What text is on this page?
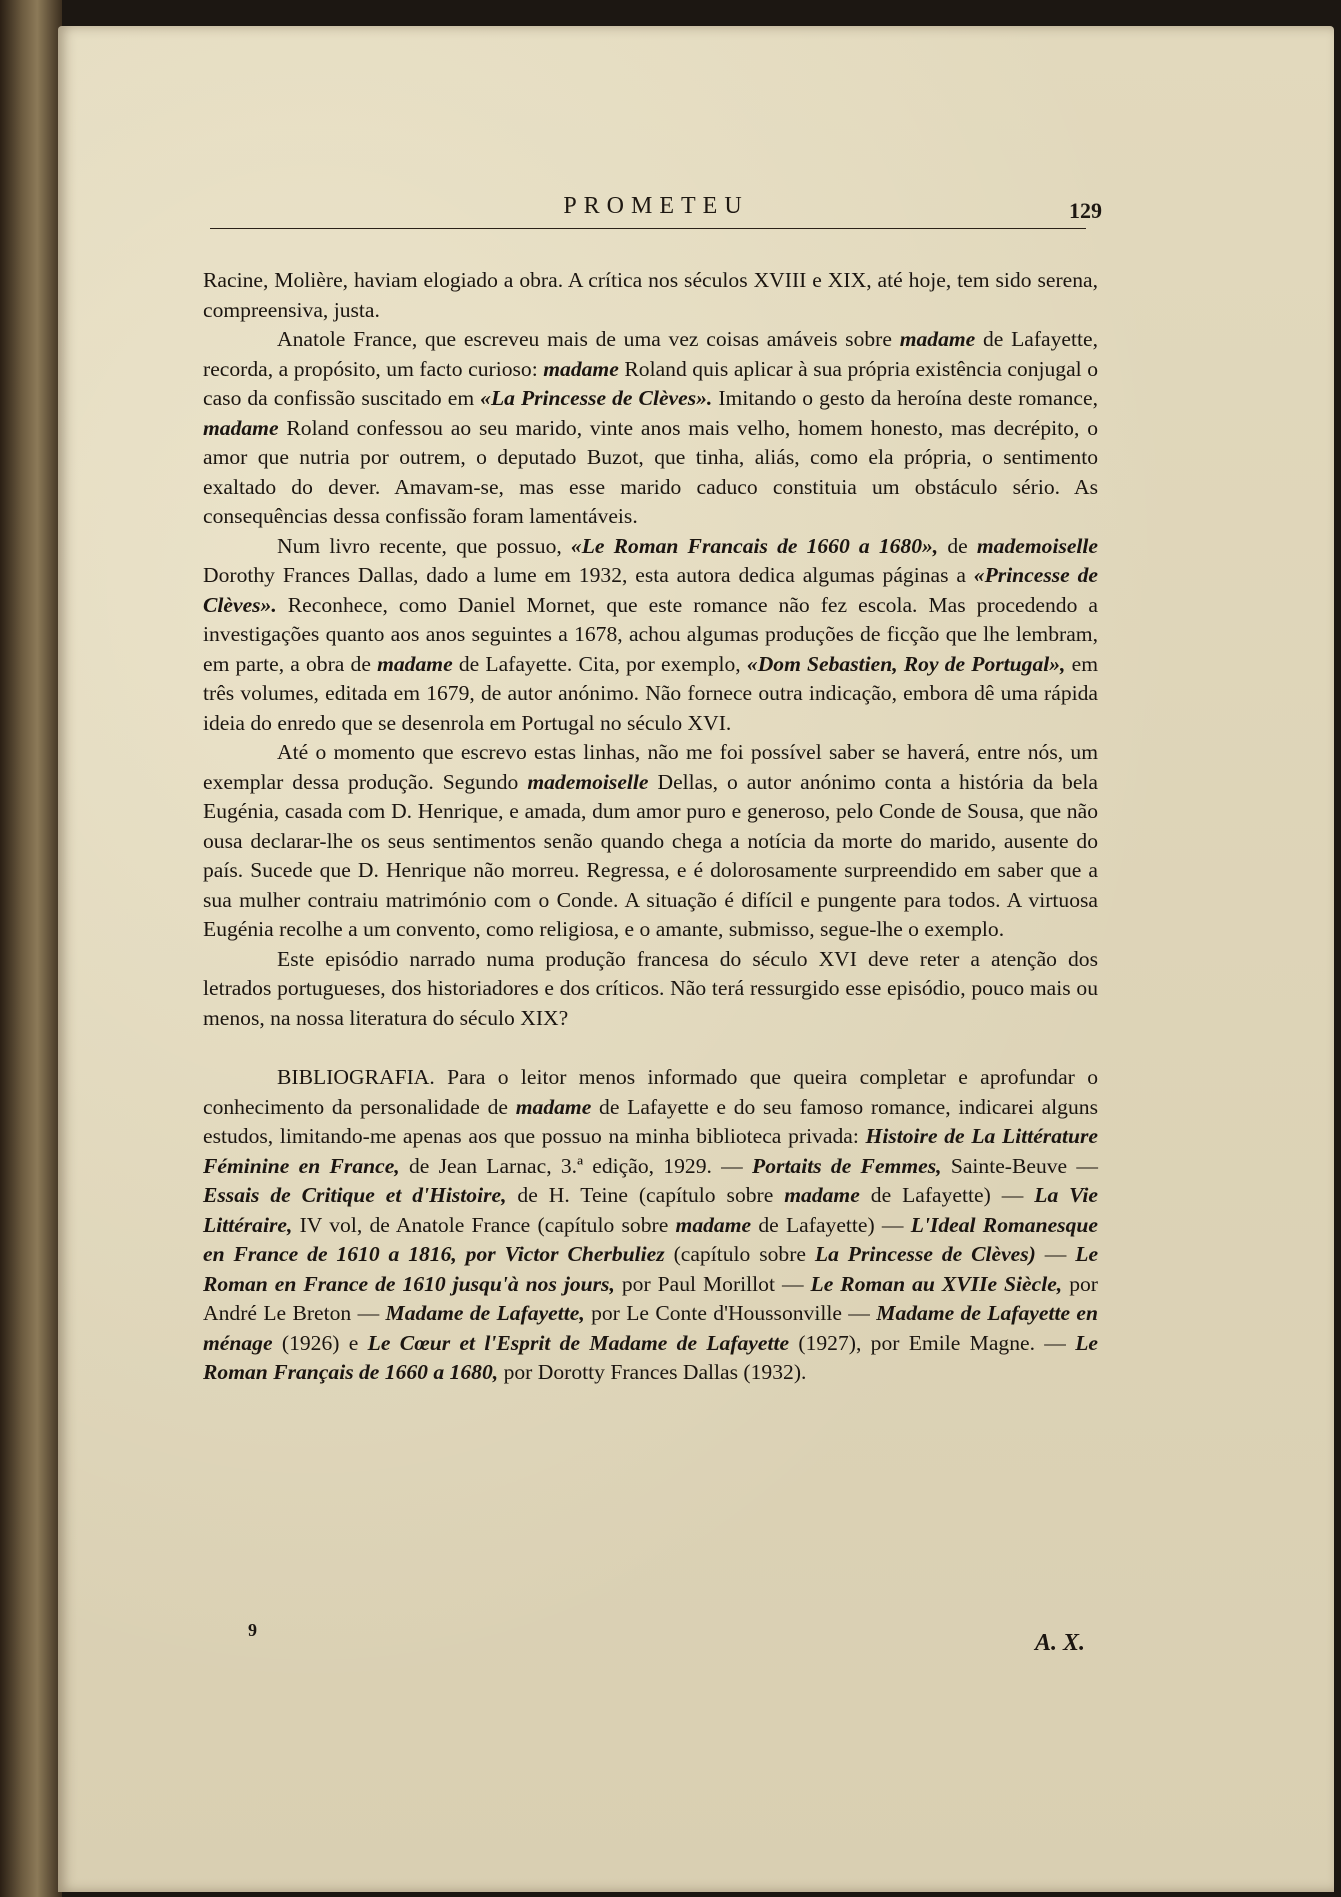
PROMETEU	129

Racine, Molière, haviam elogiado a obra. A crítica nos séculos XVIII e XIX, até hoje, tem sido serena, compreensiva, justa.

Anatole France, que escreveu mais de uma vez coisas amáveis sobre madame de Lafayette, recorda, a propósito, um facto curioso: madame Roland quis aplicar à sua própria existência conjugal o caso da confissão suscitado em «La Princesse de Clèves». Imitando o gesto da heroína deste romance, madame Roland confessou ao seu marido, vinte anos mais velho, homem honesto, mas decrépito, o amor que nutria por outrem, o deputado Buzot, que tinha, aliás, como ela própria, o sentimento exaltado do dever. Amavam-se, mas esse marido caduco constituia um obstáculo sério. As consequências dessa confissão foram lamentáveis.

Num livro recente, que possuo, «Le Roman Francais de 1660 a 1680», de mademoiselle Dorothy Frances Dallas, dado a lume em 1932, esta autora dedica algumas páginas a «Princesse de Clèves». Reconhece, como Daniel Mornet, que este romance não fez escola. Mas procedendo a investigações quanto aos anos seguintes a 1678, achou algumas produções de ficção que lhe lembram, em parte, a obra de madame de Lafayette. Cita, por exemplo, «Dom Sebastien, Roy de Portugal», em três volumes, editada em 1679, de autor anónimo. Não fornece outra indicação, embora dê uma rápida ideia do enredo que se desenrola em Portugal no século XVI.

Até o momento que escrevo estas linhas, não me foi possível saber se haverá, entre nós, um exemplar dessa produção. Segundo mademoiselle Dellas, o autor anónimo conta a história da bela Eugénia, casada com D. Henrique, e amada, dum amor puro e generoso, pelo Conde de Sousa, que não ousa declarar-lhe os seus sentimentos senão quando chega a notícia da morte do marido, ausente do país. Sucede que D. Henrique não morreu. Regressa, e é dolorosamente surpreendido em saber que a sua mulher contraiu matrimónio com o Conde. A situação é difícil e pungente para todos. A virtuosa Eugénia recolhe a um convento, como religiosa, e o amante, submisso, segue-lhe o exemplo.

Este episódio narrado numa produção francesa do século XVI deve reter a atenção dos letrados portugueses, dos historiadores e dos críticos. Não terá ressurgido esse episódio, pouco mais ou menos, na nossa literatura do século XIX?

BIBLIOGRAFIA. Para o leitor menos informado que queira completar e aprofundar o conhecimento da personalidade de madame de Lafayette e do seu famoso romance, indicarei alguns estudos, limitando-me apenas aos que possuo na minha biblioteca privada: Histoire de La Littérature Féminine en France, de Jean Larnac, 3.ª edição, 1929. — Portaits de Femmes, Sainte-Beuve — Essais de Critique et d'Histoire, de H. Teine (capítulo sobre madame de Lafayette) — La Vie Littéraire, IV vol, de Anatole France (capítulo sobre madame de Lafayette) — L'Ideal Romanesque en France de 1610 a 1816, por Victor Cherbuliez (capítulo sobre La Princesse de Clèves) — Le Roman en France de 1610 jusqu'à nos jours, por Paul Morillot — Le Roman au XVIIe Siècle, por André Le Breton — Madame de Lafayette, por Le Conte d'Houssonville — Madame de Lafayette en ménage (1926) e Le Cœur et l'Esprit de Madame de Lafayette (1927), por Emile Magne. — Le Roman Français de 1660 a 1680, por Dorotty Frances Dallas (1932).

9	A. X.
